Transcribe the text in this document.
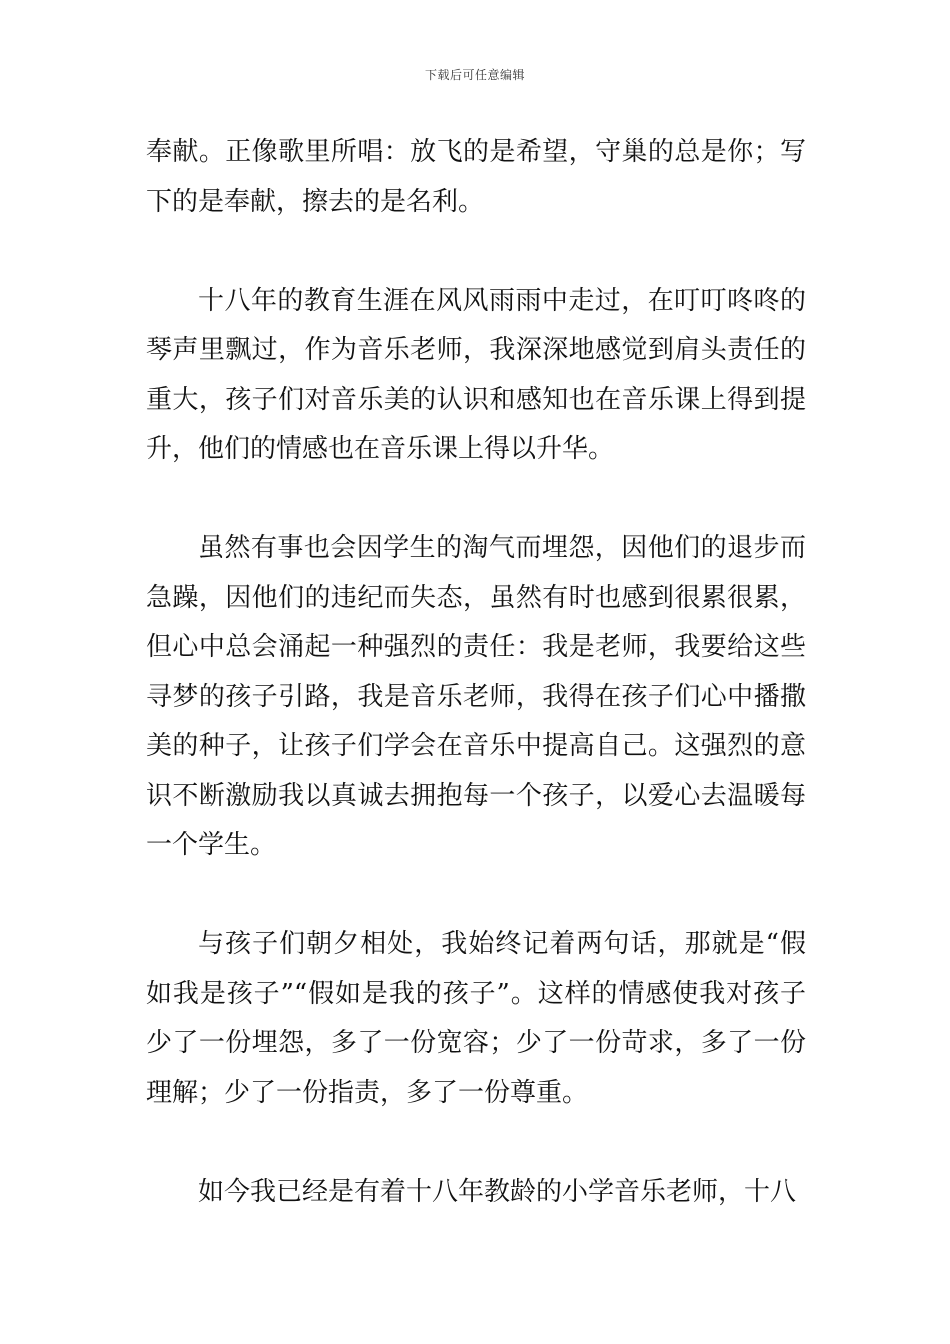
下载后可任意编辑

奉献。正像歌里所唱：放飞的是希望，守巢的总是你；写下的是奉献，擦去的是名利。

十八年的教育生涯在风风雨雨中走过，在叮叮咚咚的琴声里飘过，作为音乐老师，我深深地感觉到肩头责任的重大，孩子们对音乐美的认识和感知也在音乐课上得到提升，他们的情感也在音乐课上得以升华。

虽然有事也会因学生的淘气而埋怨，因他们的退步而急躁，因他们的违纪而失态，虽然有时也感到很累很累，但心中总会涌起一种强烈的责任：我是老师，我要给这些寻梦的孩子引路，我是音乐老师，我得在孩子们心中播撒美的种子，让孩子们学会在音乐中提高自己。这强烈的意识不断激励我以真诚去拥抱每一个孩子，以爱心去温暖每一个学生。

与孩子们朝夕相处，我始终记着两句话，那就是“假如我是孩子”“假如是我的孩子”。这样的情感使我对孩子少了一份埋怨，多了一份宽容；少了一份苛求，多了一份理解；少了一份指责，多了一份尊重。

如今我已经是有着十八年教龄的小学音乐老师，十八
